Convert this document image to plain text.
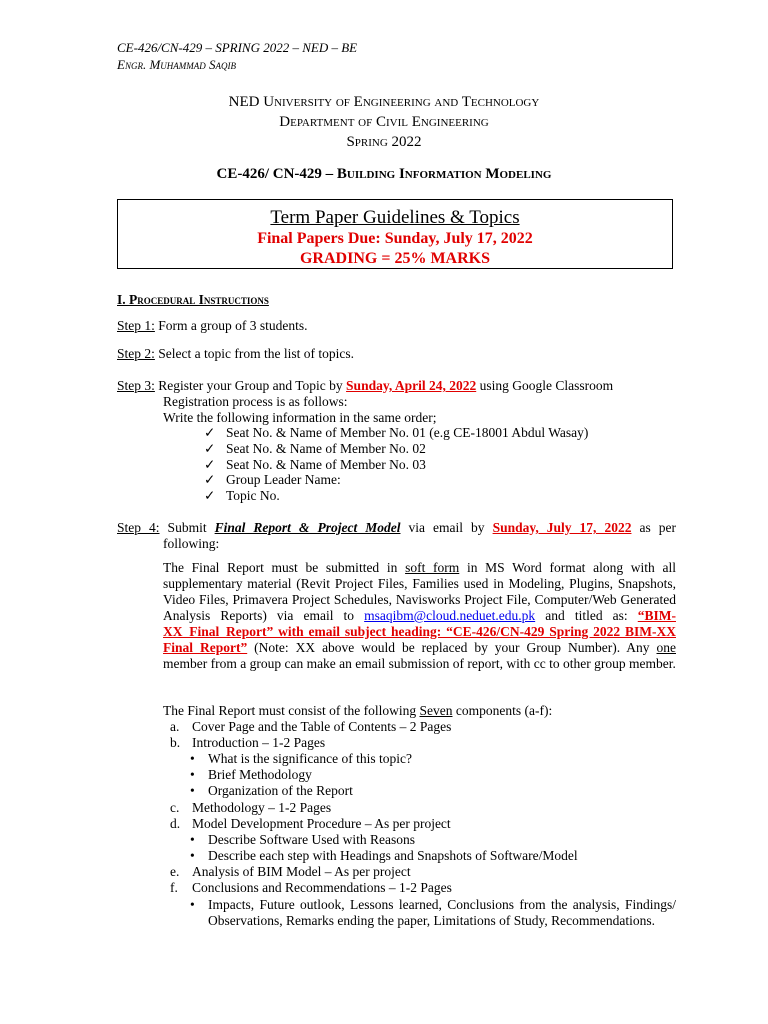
CE-426/CN-429 – SPRING 2022 – NED – BE
Engr. Muhammad Saqib
NED University of Engineering and Technology
Department of Civil Engineering
Spring 2022
CE-426/ CN-429 – Building Information Modeling
Term Paper Guidelines & Topics
Final Papers Due: Sunday, July 17, 2022
GRADING = 25% MARKS
I. Procedural Instructions
Step 1: Form a group of 3 students.
Step 2: Select a topic from the list of topics.
Step 3: Register your Group and Topic by Sunday, April 24, 2022 using Google Classroom
Registration process is as follows:
Write the following information in the same order;
✓ Seat No. & Name of Member No. 01 (e.g CE-18001 Abdul Wasay)
✓ Seat No. & Name of Member No. 02
✓ Seat No. & Name of Member No. 03
✓ Group Leader Name:
✓ Topic No.
Step 4: Submit Final Report & Project Model via email by Sunday, July 17, 2022 as per
following:
The Final Report must be submitted in soft form in MS Word format along with all supplementary material (Revit Project Files, Families used in Modeling, Plugins, Snapshots, Video Files, Primavera Project Schedules, Navisworks Project File, Computer/Web Generated Analysis Reports) via email to msaqibm@cloud.neduet.edu.pk and titled as: “BIM-XX_Final_Report” with email subject heading: “CE-426/CN-429 Spring 2022 BIM-XX Final Report” (Note: XX above would be replaced by your Group Number). Any one member from a group can make an email submission of report, with cc to other group member.
The Final Report must consist of the following Seven components (a-f):
a. Cover Page and the Table of Contents – 2 Pages
b. Introduction – 1-2 Pages
• What is the significance of this topic?
• Brief Methodology
• Organization of the Report
c. Methodology – 1-2 Pages
d. Model Development Procedure – As per project
• Describe Software Used with Reasons
• Describe each step with Headings and Snapshots of Software/Model
e. Analysis of BIM Model – As per project
f. Conclusions and Recommendations – 1-2 Pages
• Impacts, Future outlook, Lessons learned, Conclusions from the analysis, Findings/ Observations, Remarks ending the paper, Limitations of Study, Recommendations.
